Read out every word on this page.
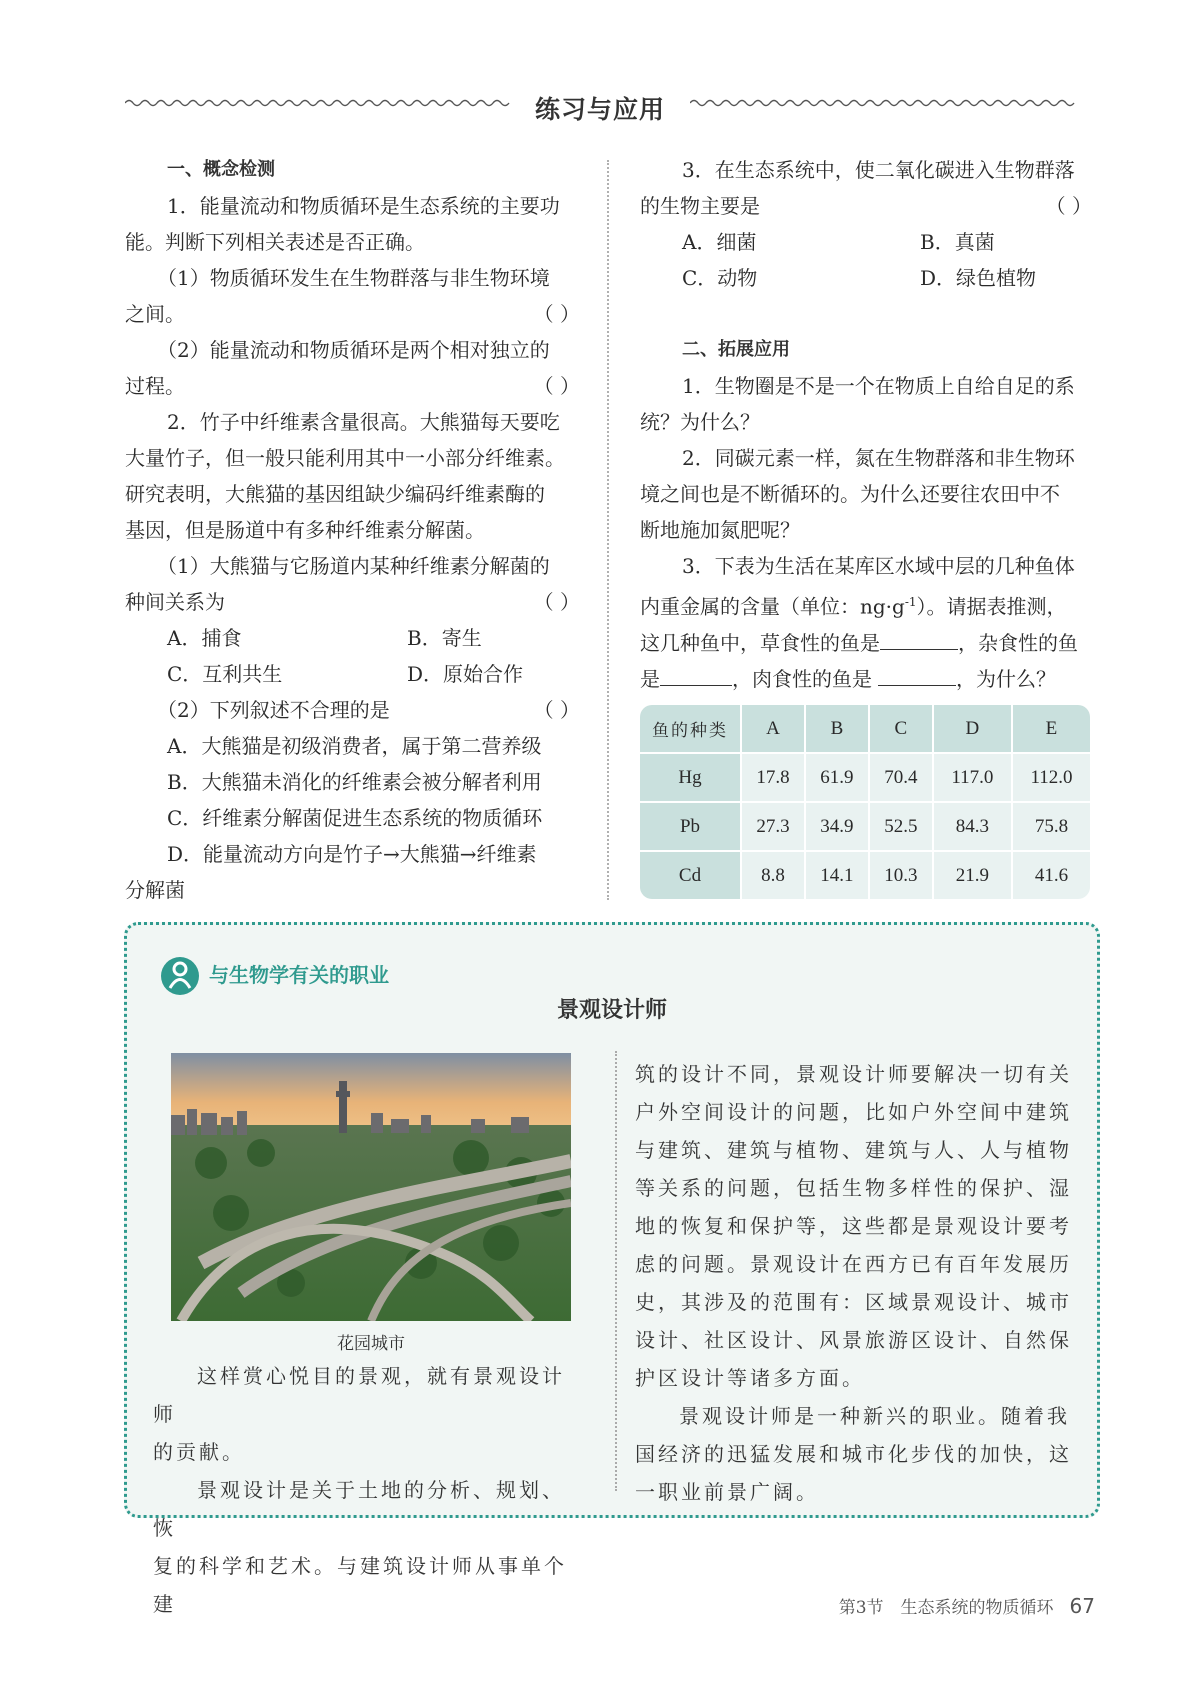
练习与应用

一、概念检测

1．能量流动和物质循环是生态系统的主要功

能。判断下列相关表述是否正确。

（1）物质循环发生在生物群落与非生物环境

之间。	（ ）

（2）能量流动和物质循环是两个相对独立的

过程。	（ ）

2．竹子中纤维素含量很高。大熊猫每天要吃

大量竹子，但一般只能利用其中一小部分纤维素。

研究表明，大熊猫的基因组缺少编码纤维素酶的

基因，但是肠道中有多种纤维素分解菌。

（1）大熊猫与它肠道内某种纤维素分解菌的

种间关系为	（ ）
A．捕食	B．寄生
C．互利共生	D．原始合作
（2）下列叙述不合理的是	（ ）

A．大熊猫是初级消费者，属于第二营养级

B．大熊猫未消化的纤维素会被分解者利用

C．纤维素分解菌促进生态系统的物质循环

D．能量流动方向是竹子→大熊猫→纤维素

分解菌

3．在生态系统中，使二氧化碳进入生物群落

的生物主要是	（ ）
A．细菌	B．真菌
C．动物	D．绿色植物

二、拓展应用

1．生物圈是不是一个在物质上自给自足的系

统？为什么？

2．同碳元素一样，氮在生物群落和非生物环

境之间也是不断循环的。为什么还要往农田中不

断地施加氮肥呢？

3．下表为生活在某库区水域中层的几种鱼体

内重金属的含量（单位：$ng\cdot g^{-1}$）。请据表推测，

这几种鱼中，草食性的鱼是	，杂食性的鱼

是	，肉食性的鱼是	，为什么？

鱼的种类	A	B	C	D	E
Hg	17.8	61.9	70.4	117.0	112.0
Pb	27.3	34.9	52.5	84.3	75.8
Cd	8.8	14.1	10.3	21.9	41.6
与生物学有关的职业
景观设计师
花园城市

这样赏心悦目的景观，就有景观设计师

的贡献。

景观设计是关于土地的分析、规划、恢

复的科学和艺术。与建筑设计师从事单个建

筑的设计不同，景观设计师要解决一切有关

户外空间设计的问题，比如户外空间中建筑

与建筑、建筑与植物、建筑与人、人与植物

等关系的问题，包括生物多样性的保护、湿

地的恢复和保护等，这些都是景观设计要考

虑的问题。景观设计在西方已有百年发展历

史，其涉及的范围有：区域景观设计、城市

设计、社区设计、风景旅游区设计、自然保

护区设计等诸多方面。

景观设计师是一种新兴的职业。随着我

国经济的迅猛发展和城市化步伐的加快，这

一职业前景广阔。

第3节　生态系统的物质循环 67
